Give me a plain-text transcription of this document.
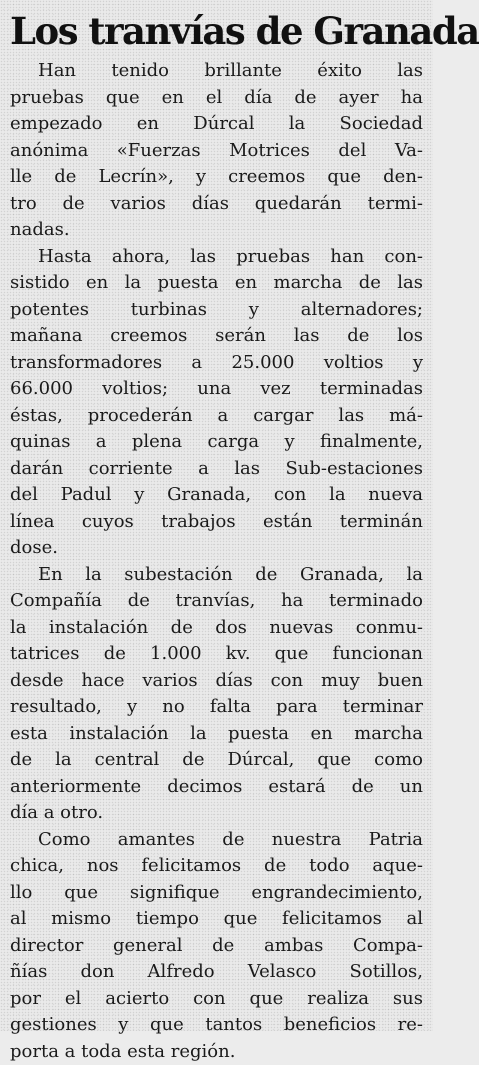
Los tranvías de Granada
Han tenido brillante éxito las
pruebas que en el día de ayer ha
empezado en Dúrcal la Sociedad
anónima «Fuerzas Motrices del Va-
lle de Lecrín», y creemos que den-
tro de varios días quedarán termi-
nadas.
Hasta ahora, las pruebas han con-
sistido en la puesta en marcha de las
potentes turbinas y alternadores;
mañana creemos serán las de los
transformadores a 25.000 voltios y
66.000 voltios; una vez terminadas
éstas, procederán a cargar las má-
quinas a plena carga y finalmente,
darán corriente a las Sub-estaciones
del Padul y Granada, con la nueva
línea cuyos trabajos están terminán
dose.
En la subestación de Granada, la
Compañía de tranvías, ha terminado
la instalación de dos nuevas conmu-
tatrices de 1.000 kv. que funcionan
desde hace varios días con muy buen
resultado, y no falta para terminar
esta instalación la puesta en marcha
de la central de Dúrcal, que como
anteriormente decimos estará de un
día a otro.
Como amantes de nuestra Patria
chica, nos felicitamos de todo aque-
llo que signifique engrandecimiento,
al mismo tiempo que felicitamos al
director general de ambas Compa-
ñías don Alfredo Velasco Sotillos,
por el acierto con que realiza sus
gestiones y que tantos beneficios re-
porta a toda esta región.
